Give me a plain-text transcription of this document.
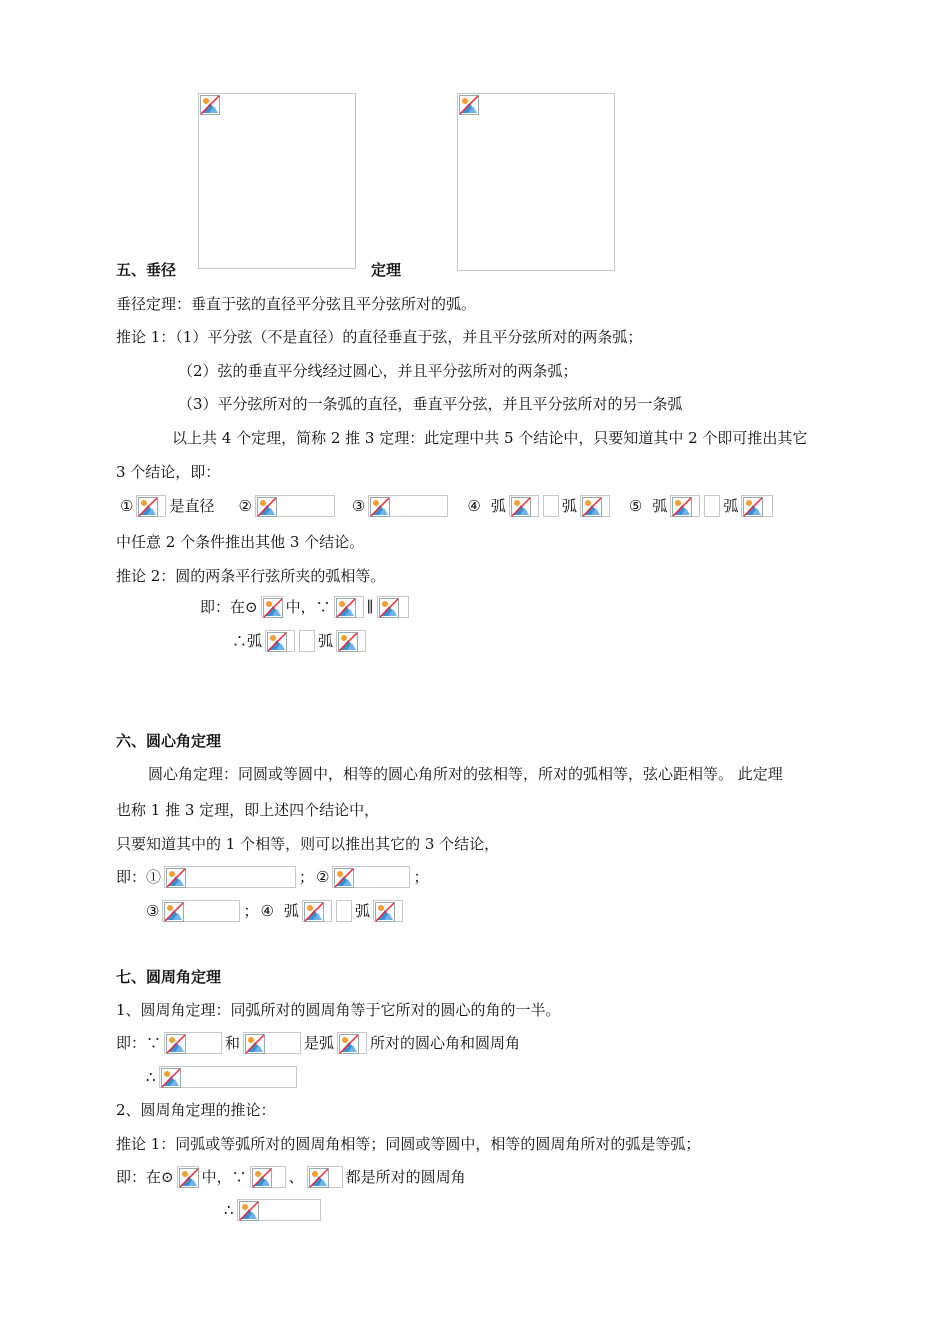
五、垂径	定理
垂径定理：垂直于弦的直径平分弦且平分弦所对的弧。
推论 1：（1）平分弦（不是直径）的直径垂直于弦，并且平分弦所对的两条弧；
（2）弦的垂直平分线经过圆心，并且平分弦所对的两条弧；
（3）平分弦所对的一条弧的直径，垂直平分弦，并且平分弦所对的另一条弧
以上共 4 个定理，简称 2 推 3 定理：此定理中共 5 个结论中，只要知道其中 2 个即可推出其它
3 个结论，即：
① 是直径 ②	③	④ 弧	弧	⑤ 弧	弧
中任意 2 个条件推出其他 3 个结论。
推论 2：圆的两条平行弦所夹的弧相等。
即：在⊙ 中，∵ ∥
∴弧	弧
六、圆心角定理
圆心角定理：同圆或等圆中，相等的圆心角所对的弦相等，所对的弧相等，弦心距相等。 此定理
也称 1 推 3 定理，即上述四个结论中，
只要知道其中的 1 个相等，则可以推出其它的 3 个结论，
即：①	； ②	；
③	； ④ 弧	弧
七、圆周角定理
1、圆周角定理：同弧所对的圆周角等于它所对的圆心的角的一半。
即：∵	和	是弧 所对的圆心角和圆周角
∴
2、圆周角定理的推论：
推论 1：同弧或等弧所对的圆周角相等；同圆或等圆中，相等的圆周角所对的弧是等弧；
即：在⊙ 中，∵	、	都是所对的圆周角
∴
